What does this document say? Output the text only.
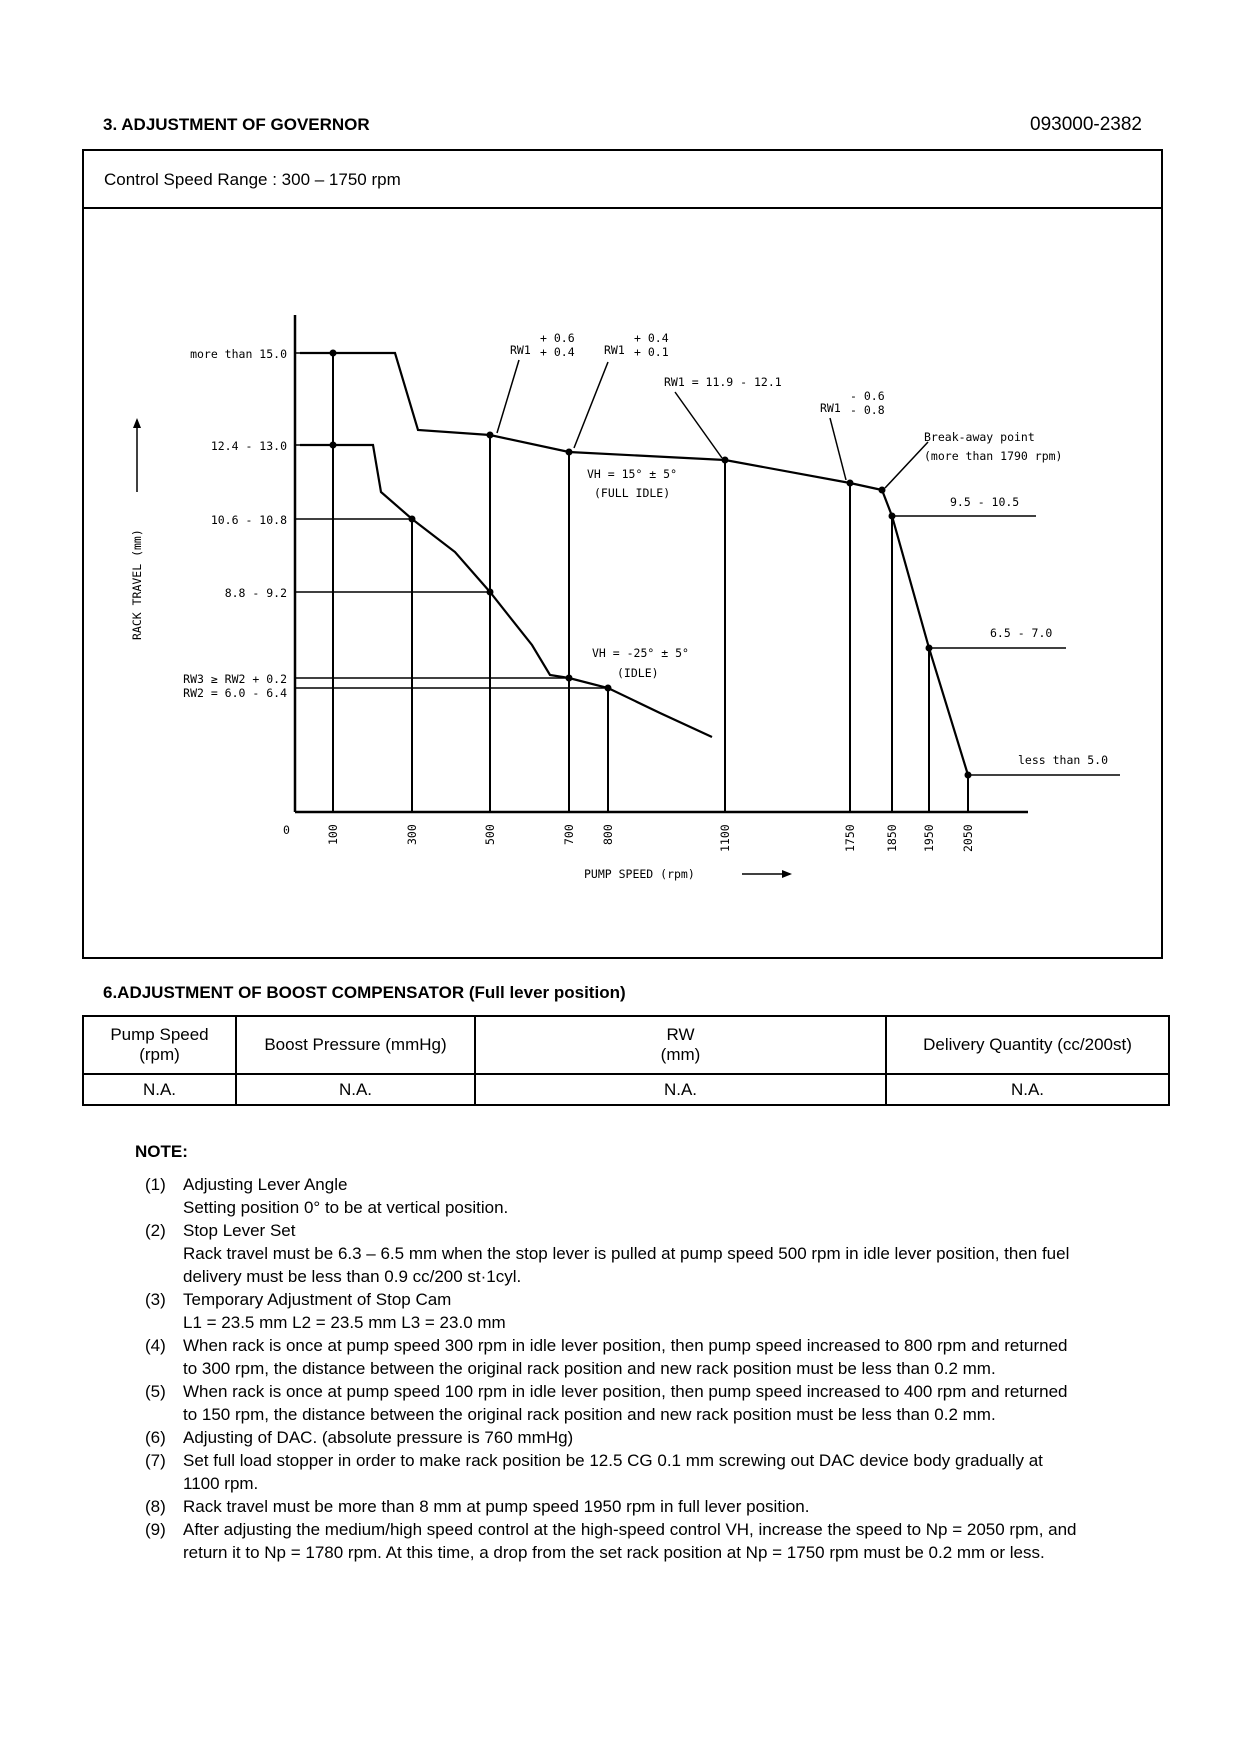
3. ADJUSTMENT OF GOVERNOR	093000-2382
Control Speed Range : 300 – 1750 rpm
RACK TRAVEL (mm)
PUMP SPEED (rpm)
more than 15.0
12.4 - 13.0
10.6 - 10.8
8.8 - 9.2
RW3 ≥ RW2 + 0.2
RW2 = 6.0 - 6.4
0	100	300	500	700 800	1100	1750 1850 1950 2050
RW1
+ 0.6
+ 0.4	RW1
+ 0.4
+ 0.1
RW1 = 11.9 - 12.1
RW1
- 0.6
- 0.8
Break-away point
(more than 1790 rpm)
9.5 - 10.5
6.5 - 7.0
less than 5.0
VH = 15° ± 5°
(FULL IDLE)
VH = -25° ± 5°
(IDLE)
6.ADJUSTMENT OF BOOST COMPENSATOR (Full lever position)
Pump Speed
(rpm)	Boost Pressure (mmHg)	RW
(mm)	Delivery Quantity (cc/200st)

N.A.	N.A.	N.A.	N.A.
NOTE:
(1)	Adjusting Lever Angle
Setting position 0° to be at vertical position.
(2)	Stop Lever Set
Rack travel must be 6.3 – 6.5 mm when the stop lever is pulled at pump speed 500 rpm in idle lever position, then fuel
delivery must be less than 0.9 cc/200 st·1cyl.
(3)	Temporary Adjustment of Stop Cam
L1 = 23.5 mm L2 = 23.5 mm L3 = 23.0 mm
(4)	When rack is once at pump speed 300 rpm in idle lever position, then pump speed increased to 800 rpm and returned
to 300 rpm, the distance between the original rack position and new rack position must be less than 0.2 mm.
(5)	When rack is once at pump speed 100 rpm in idle lever position, then pump speed increased to 400 rpm and returned
to 150 rpm, the distance between the original rack position and new rack position must be less than 0.2 mm.
(6)	Adjusting of DAC. (absolute pressure is 760 mmHg)
(7)	Set full load stopper in order to make rack position be 12.5 CG 0.1 mm screwing out DAC device body gradually at
1100 rpm.
(8)	Rack travel must be more than 8 mm at pump speed 1950 rpm in full lever position.
(9)	After adjusting the medium/high speed control at the high-speed control VH, increase the speed to Np = 2050 rpm, and
return it to Np = 1780 rpm. At this time, a drop from the set rack position at Np = 1750 rpm must be 0.2 mm or less.
